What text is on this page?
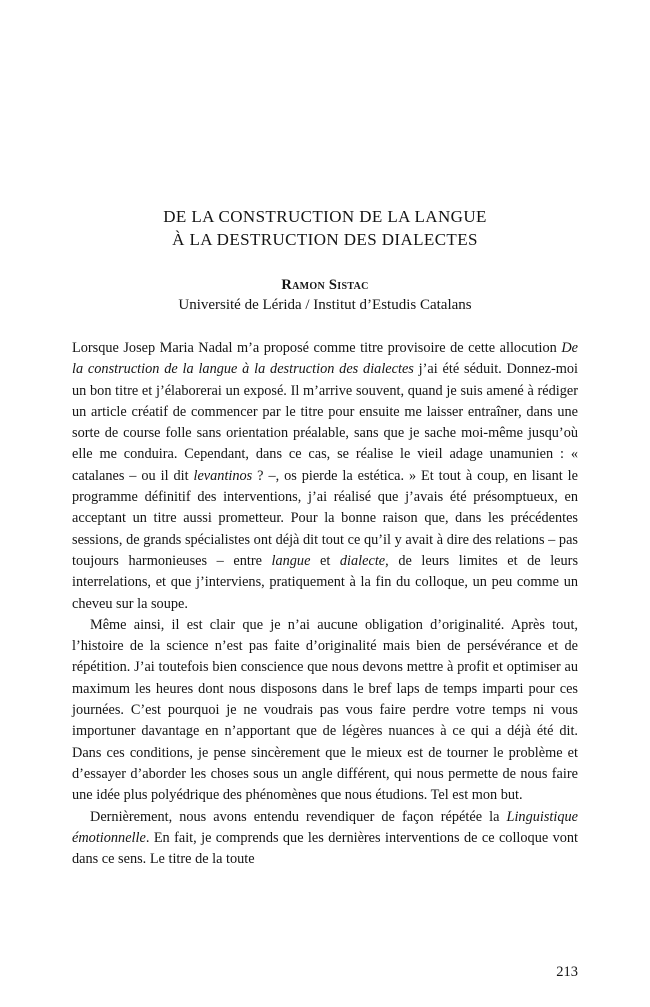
DE LA CONSTRUCTION DE LA LANGUE
À LA DESTRUCTION DES DIALECTES
Ramon Sistac
Université de Lérida / Institut d’Estudis Catalans

Lorsque Josep Maria Nadal m’a proposé comme titre provisoire de cette allocution De la construction de la langue à la destruction des dialectes j’ai été séduit. Donnez-moi un bon titre et j’élaborerai un exposé. Il m’arrive souvent, quand je suis amené à rédiger un article créatif de commencer par le titre pour ensuite me laisser entraîner, dans une sorte de course folle sans orientation préalable, sans que je sache moi-même jusqu’où elle me conduira. Cependant, dans ce cas, se réalise le vieil adage unamunien : « catalanes – ou il dit levantinos ? –, os pierde la estética. » Et tout à coup, en lisant le programme définitif des interventions, j’ai réalisé que j’avais été présomptueux, en acceptant un titre aussi prometteur. Pour la bonne raison que, dans les précédentes sessions, de grands spécialistes ont déjà dit tout ce qu’il y avait à dire des relations – pas toujours harmonieuses – entre langue et dialecte, de leurs limites et de leurs interrelations, et que j’interviens, pratiquement à la fin du colloque, un peu comme un cheveu sur la soupe.

Même ainsi, il est clair que je n’ai aucune obligation d’originalité. Après tout, l’histoire de la science n’est pas faite d’originalité mais bien de persévérance et de répétition. J’ai toutefois bien conscience que nous devons mettre à profit et optimiser au maximum les heures dont nous disposons dans le bref laps de temps imparti pour ces journées. C’est pourquoi je ne voudrais pas vous faire perdre votre temps ni vous importuner davantage en n’apportant que de légères nuances à ce qui a déjà été dit. Dans ces conditions, je pense sincèrement que le mieux est de tourner le problème et d’essayer d’aborder les choses sous un angle différent, qui nous permette de nous faire une idée plus polyédrique des phénomènes que nous étudions. Tel est mon but.

Dernièrement, nous avons entendu revendiquer de façon répétée la Linguistique émotionnelle. En fait, je comprends que les dernières interventions de ce colloque vont dans ce sens. Le titre de la toute

213
